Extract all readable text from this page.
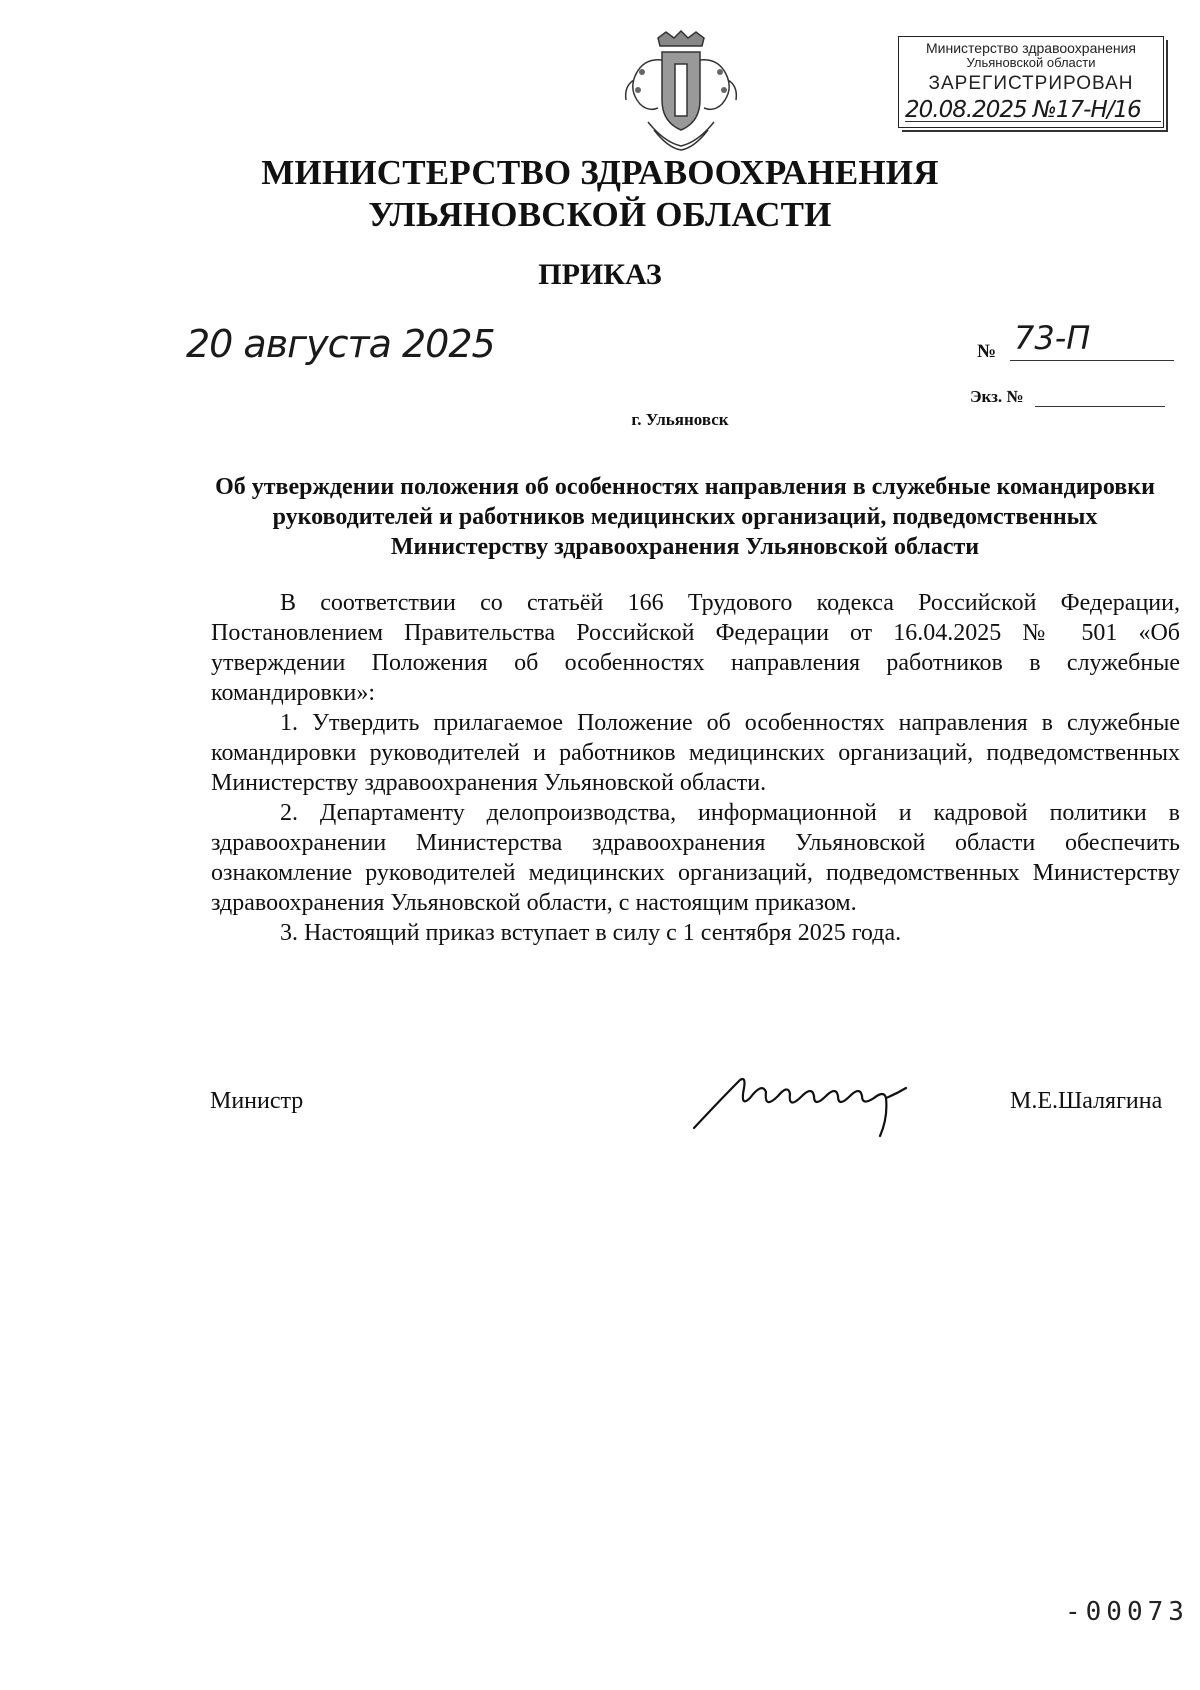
Министерство здравоохранения
Ульяновской области
ЗАРЕГИСТРИРОВАН
20.08.2025 №17-Н/16
МИНИСТЕРСТВО ЗДРАВООХРАНЕНИЯ
УЛЬЯНОВСКОЙ ОБЛАСТИ
ПРИКАЗ
20 августа 2025	№ 73-П
Экз. №
г. Ульяновск
Об утверждении положения об особенностях направления в служебные командировки руководителей и работников медицинских организаций, подведомственных Министерству здравоохранения Ульяновской области

В соответствии со статьёй 166 Трудового кодекса Российской Федерации, Постановлением Правительства Российской Федерации от 16.04.2025 № 501 «Об утверждении Положения об особенностях направления работников в служебные командировки»:

1. Утвердить прилагаемое Положение об особенностях направления в служебные командировки руководителей и работников медицинских организаций, подведомственных Министерству здравоохранения Ульяновской области.

2. Департаменту делопроизводства, информационной и кадровой политики в здравоохранении Министерства здравоохранения Ульяновской области обеспечить ознакомление руководителей медицинских организаций, подведомственных Министерству здравоохранения Ульяновской области, с настоящим приказом.

3. Настоящий приказ вступает в силу с 1 сентября 2025 года.

Министр	М.Е.Шалягина
-00073
